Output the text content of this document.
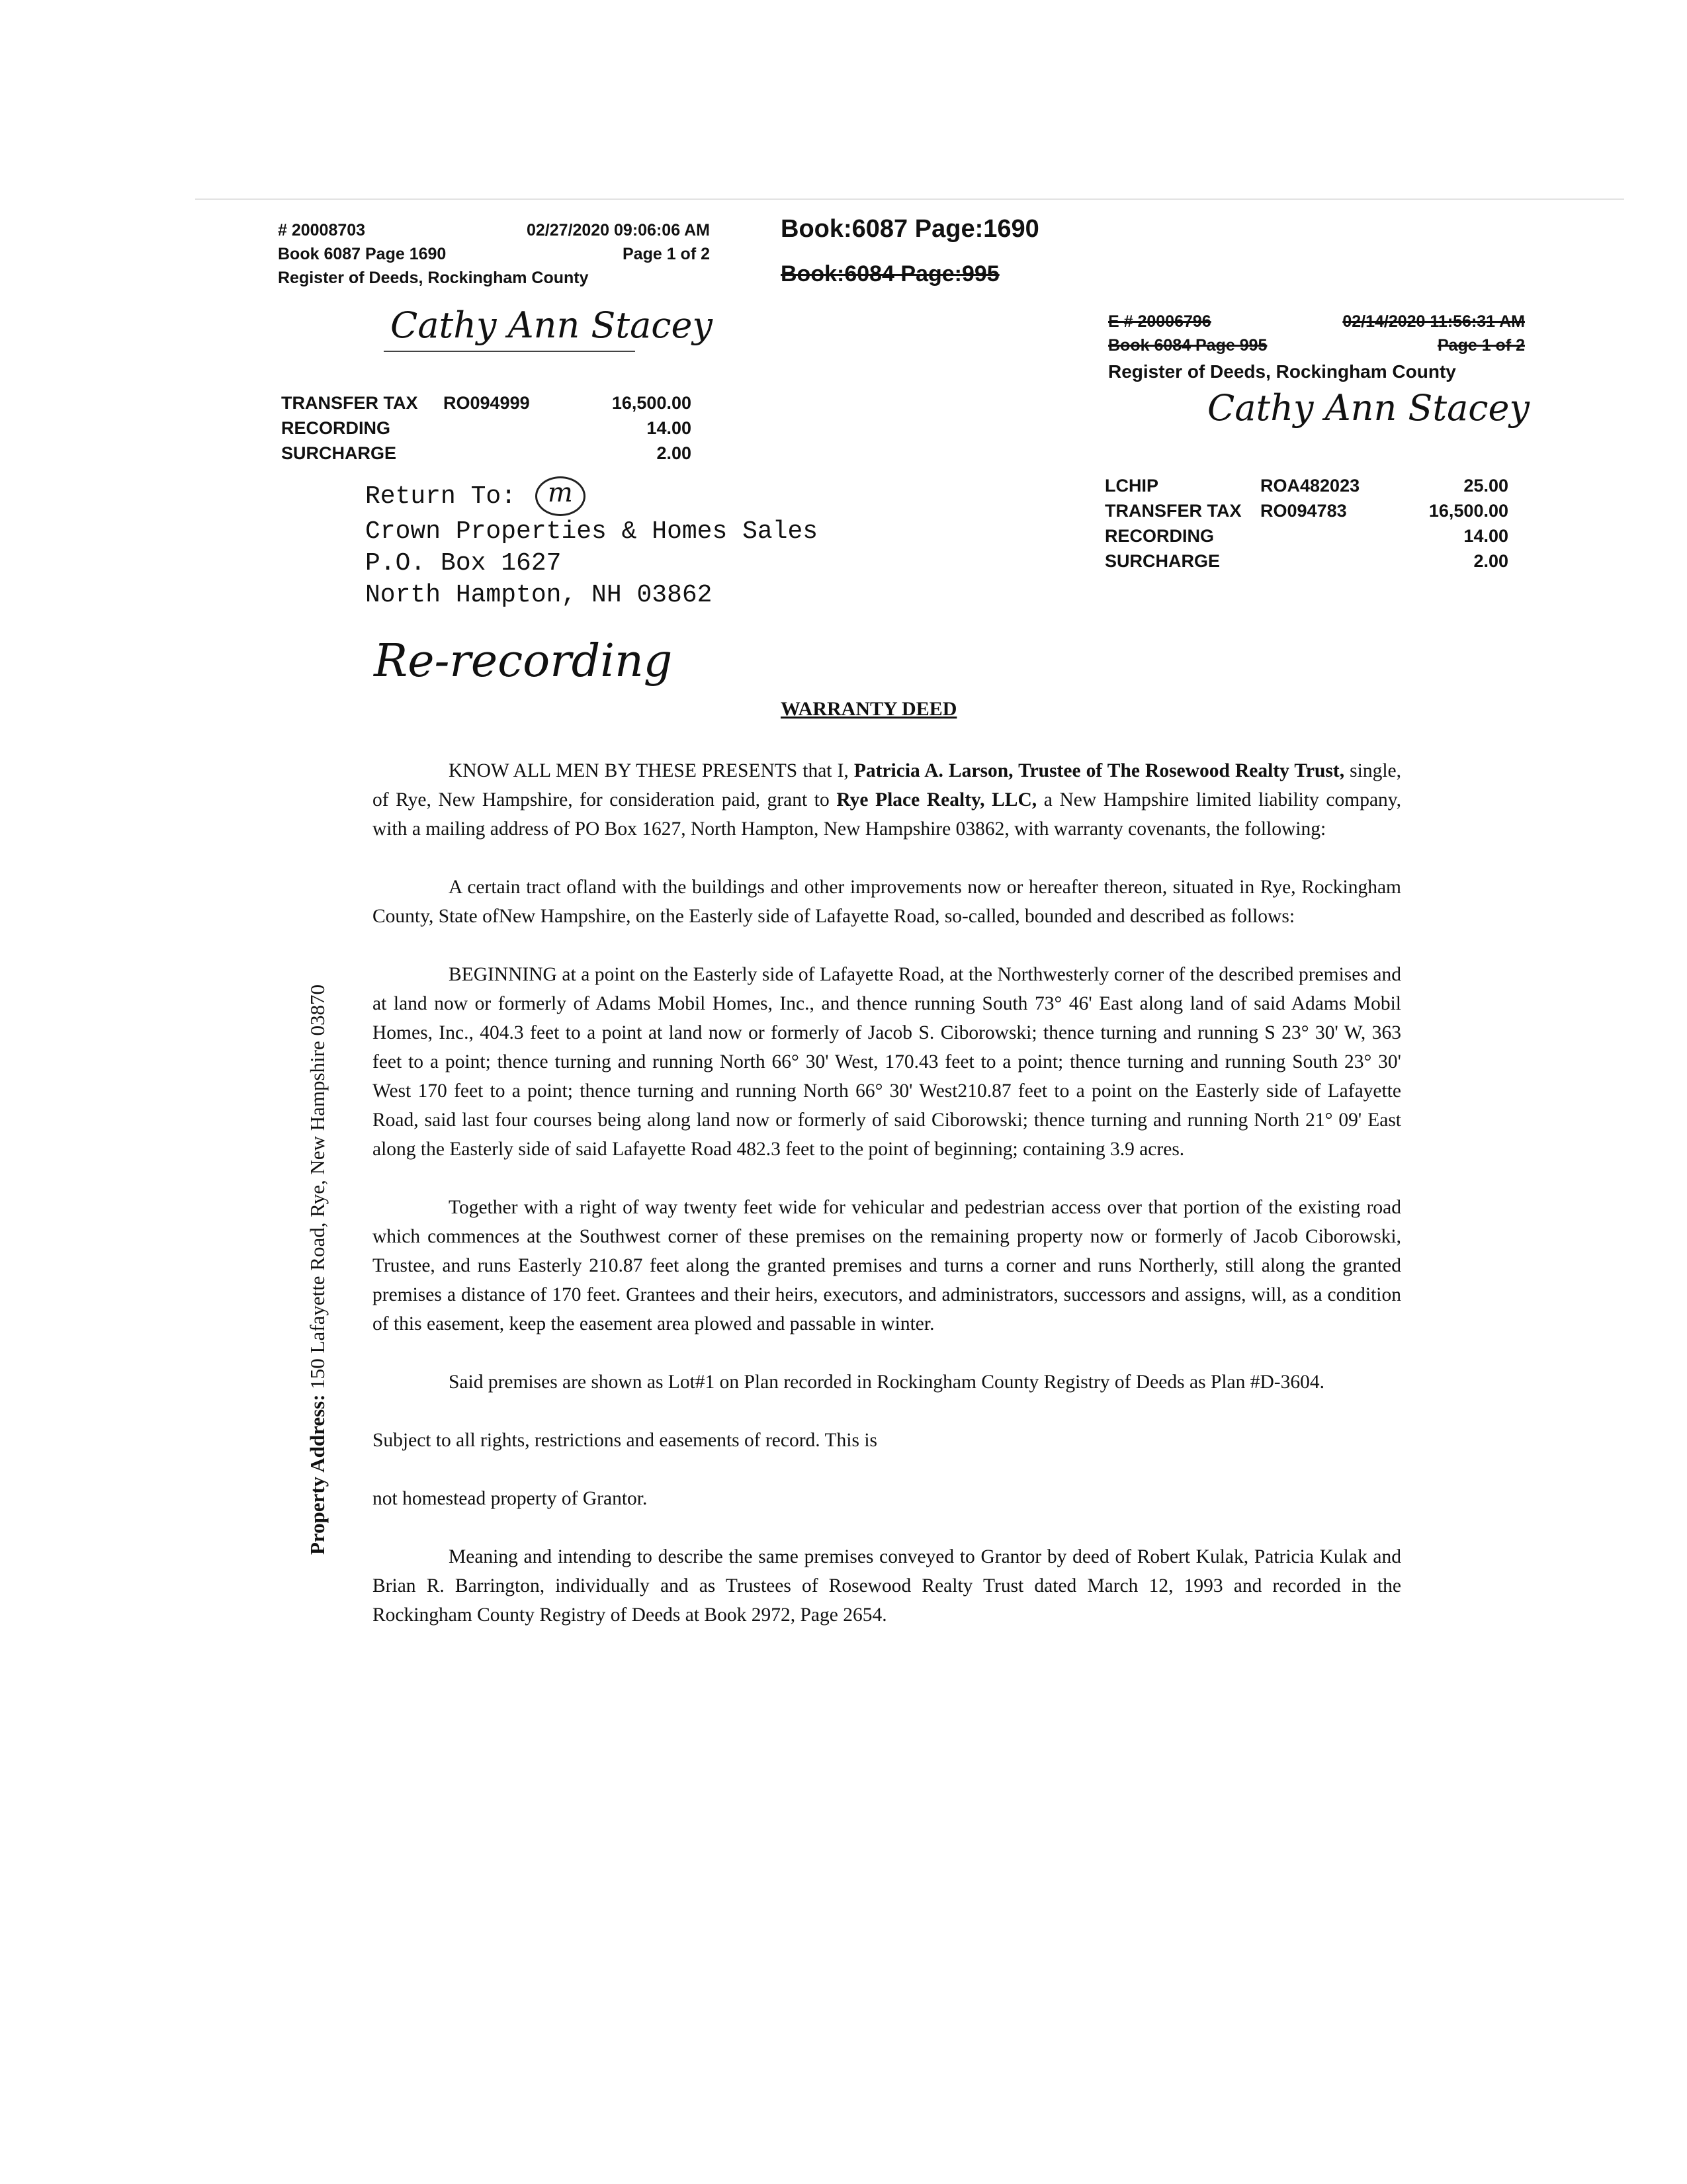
# 20008703	02/27/2020 09:06:06 AM
Book 6087 Page 1690	Page 1 of 2
Register of Deeds, Rockingham County
Cathy Ann Stacey
TRANSFER TAX	RO094999	16,500.00
RECORDING	14.00
SURCHARGE	2.00
Book:6087 Page:1690
Book:6084 Page:995
E # 20006796	02/14/2020 11:56:31 AM
Book 6084 Page 995	Page 1 of 2
Register of Deeds, Rockingham County
Cathy Ann Stacey
LCHIP	ROA482023	25.00
TRANSFER TAX	RO094783	16,500.00
RECORDING	14.00
SURCHARGE	2.00
Return To: m
Crown Properties & Homes Sales
P.O. Box 1627
North Hampton, NH 03862
Re-recording
WARRANTY DEED
Property Address: 150 Lafayette Road, Rye, New Hampshire 03870

KNOW ALL MEN BY THESE PRESENTS that I, Patricia A. Larson, Trustee of The Rosewood Realty Trust, single, of Rye, New Hampshire, for consideration paid, grant to Rye Place Realty, LLC, a New Hampshire limited liability company, with a mailing address of PO Box 1627, North Hampton, New Hampshire 03862, with warranty covenants, the following:

A certain tract ofland with the buildings and other improvements now or hereafter thereon, situated in Rye, Rockingham County, State ofNew Hampshire, on the Easterly side of Lafayette Road, so-called, bounded and described as follows:

BEGINNING at a point on the Easterly side of Lafayette Road, at the Northwesterly corner of the described premises and at land now or formerly of Adams Mobil Homes, Inc., and thence running South 73° 46' East along land of said Adams Mobil Homes, Inc., 404.3 feet to a point at land now or formerly of Jacob S. Ciborowski; thence turning and running S 23° 30' W, 363 feet to a point; thence turning and running North 66° 30' West, 170.43 feet to a point; thence turning and running South 23° 30' West 170 feet to a point; thence turning and running North 66° 30' West210.87 feet to a point on the Easterly side of Lafayette Road, said last four courses being along land now or formerly of said Ciborowski; thence turning and running North 21° 09' East along the Easterly side of said Lafayette Road 482.3 feet to the point of beginning; containing 3.9 acres.

Together with a right of way twenty feet wide for vehicular and pedestrian access over that portion of the existing road which commences at the Southwest corner of these premises on the remaining property now or formerly of Jacob Ciborowski, Trustee, and runs Easterly 210.87 feet along the granted premises and turns a corner and runs Northerly, still along the granted premises a distance of 170 feet. Grantees and their heirs, executors, and administrators, successors and assigns, will, as a condition of this easement, keep the easement area plowed and passable in winter.

Said premises are shown as Lot#1 on Plan recorded in Rockingham County Registry of Deeds as Plan #D-3604.

Subject to all rights, restrictions and easements of record. This is

not homestead property of Grantor.

Meaning and intending to describe the same premises conveyed to Grantor by deed of Robert Kulak, Patricia Kulak and Brian R. Barrington, individually and as Trustees of Rosewood Realty Trust dated March 12, 1993 and recorded in the Rockingham County Registry of Deeds at Book 2972, Page 2654.
